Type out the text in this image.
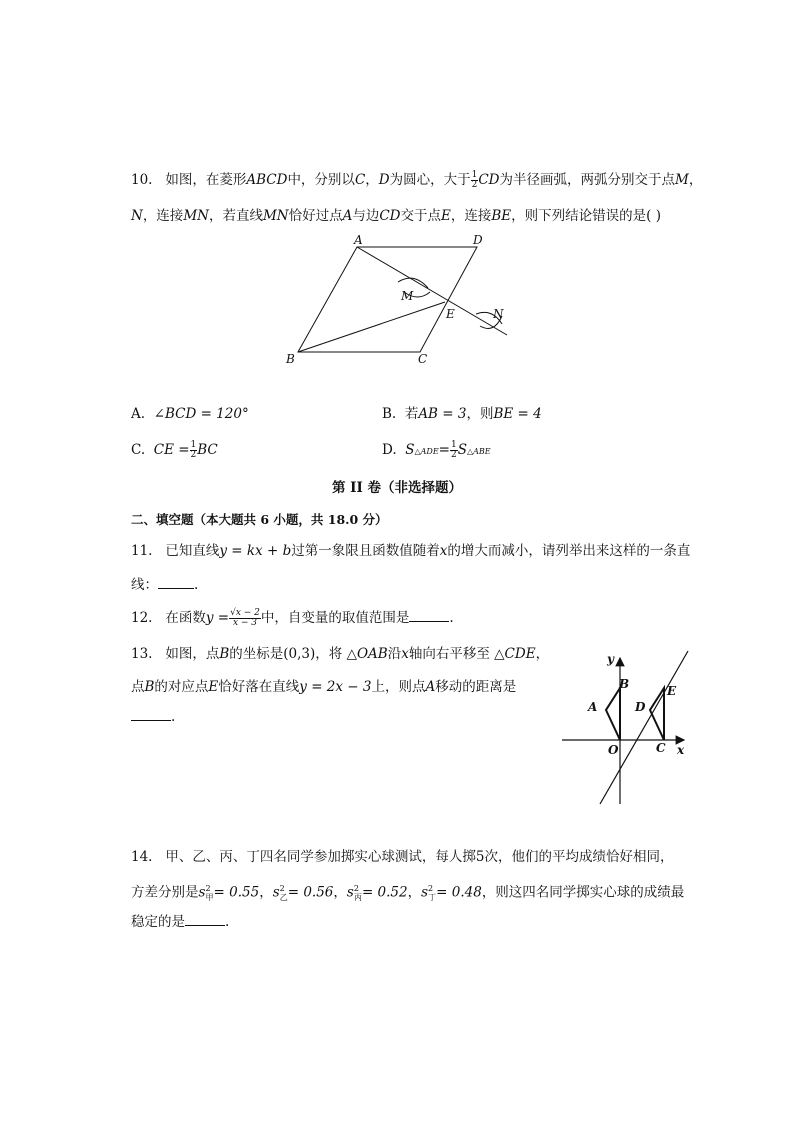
10. 如图，在菱形ABCD中，分别以C，D为圆心，大于 $\frac{1}{2}$ CD为半径画弧，两弧分别交于点M，
N，连接MN，若直线MN恰好过点A与边CD交于点E，连接BE，则下列结论错误的是( )
A	D
B	C
E
M
N
A. ∠BCD = 120°	B. 若AB = 3，则BE = 4
C. CE = $\frac{1}{2}$ BC	D. S△ADE= $\frac{1}{2}$ S△ABE
第 II 卷（非选择题）
二、填空题（本大题共 6 小题，共 18.0 分）
11. 已知直线y = kx + b过第一象限且函数值随着x的增大而减小，请列举出来这样的一条直
线：	.
12. 在函数$y = \frac{√x - 2}{x - 3}$ 中，自变量的取值范围是	.
13. 如图，点B的坐标是(0,3)，将 △OAB沿x轴向右平移至 △CDE，
点B的对应点E恰好落在直线y = 2x − 3上，则点A移动的距离是
.
y
x
O
A
B
C
D
E
14. 甲、乙、丙、丁四名同学参加掷实心球测试，每人掷5次，他们的平均成绩恰好相同，
方差分别是$s^2_甲= 0.55$，$s^2_乙= 0.56$，$s^2_丙= 0.52$，$s^2_丁= 0.48$，则这四名同学掷实心球的成绩最
稳定的是	.
